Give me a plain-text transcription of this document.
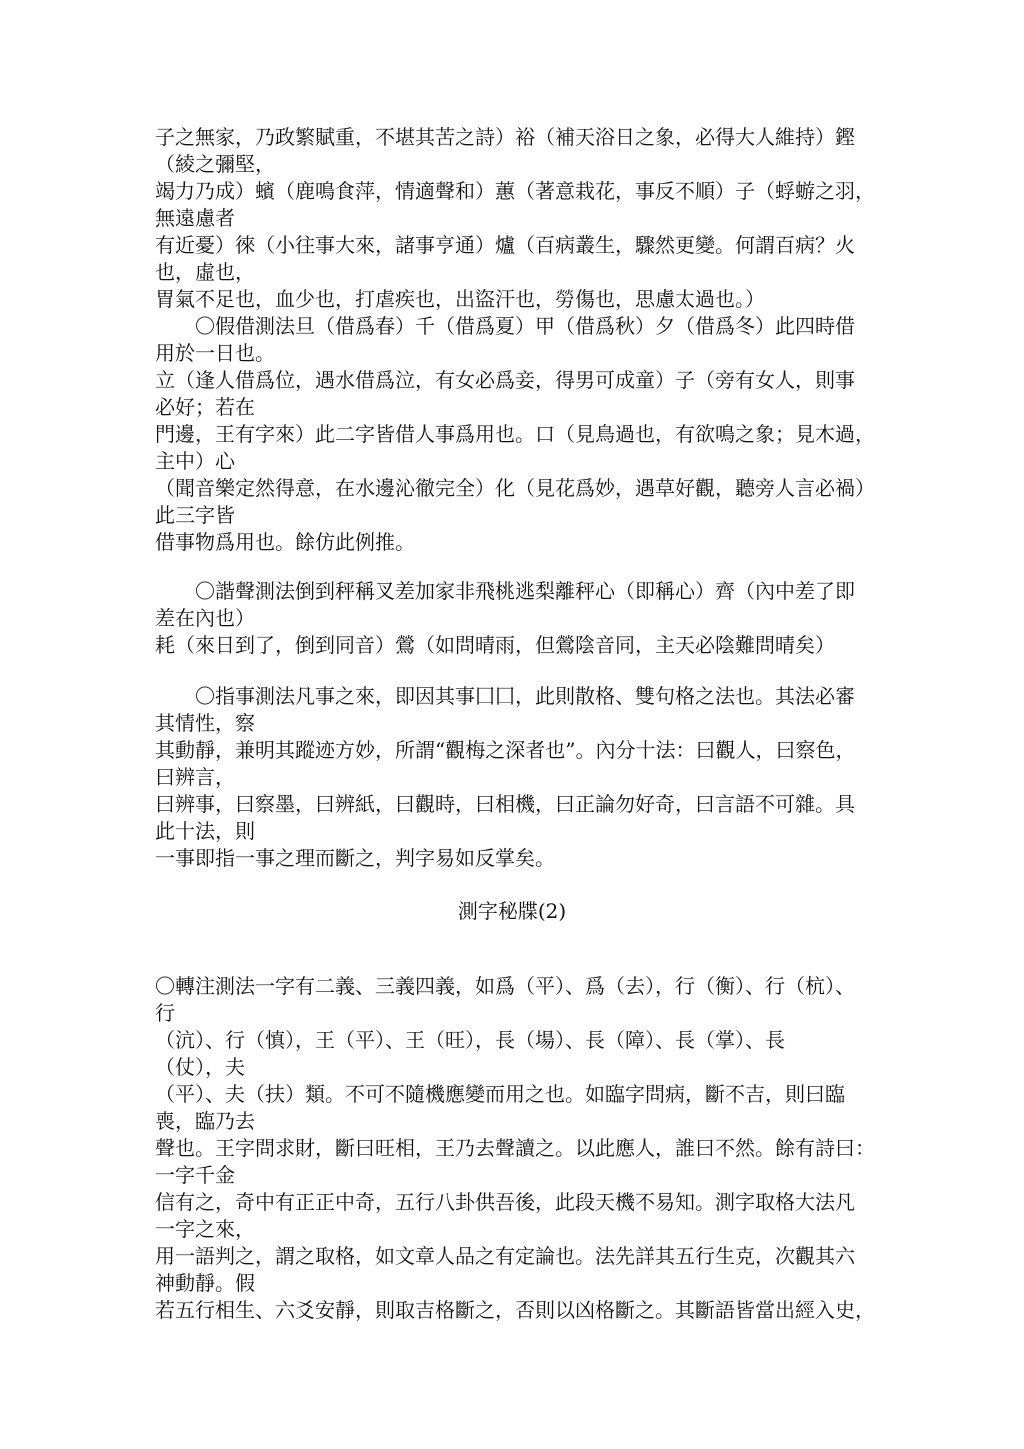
子之無家，乃政繁賦重，不堪其苦之詩）裕（補天浴日之象，必得大人維持）鏗
（綾之彌堅，
竭力乃成）蠙（鹿鳴食萍，情適聲和）蕙（著意栽花，事反不順）子（蜉蝣之羽，
無遠慮者
有近憂）徠（小往事大來，諸事亨通）爐（百病叢生，驟然更變。何謂百病？火
也，虛也，
胃氣不足也，血少也，打虐疾也，出盜汗也，勞傷也，思慮太過也。）
〇假借測法旦（借爲春）千（借爲夏）甲（借爲秋）夕（借爲冬）此四時借
用於一日也。
立（逢人借爲位，遇水借爲泣，有女必爲妾，得男可成童）子（旁有女人，則事
必好；若在
門邊，王有字來）此二字皆借人事爲用也。口（見鳥過也，有欲鳴之象；見木過，
主中）心
（聞音樂定然得意，在水邊沁徹完全）化（見花爲妙，遇草好觀，聽旁人言必禍）
此三字皆
借事物爲用也。餘仿此例推。
〇諧聲測法倒到秤稱叉差加家非飛桃逃梨離秤心（即稱心）齊（內中差了即
差在內也）
耗（來日到了，倒到同音）鶯（如問晴雨，但鶯陰音同，主天必陰難問晴矣）
〇指事測法凡事之來，即因其事囗囗，此則散格、雙句格之法也。其法必審
其情性，察
其動靜，兼明其蹤迹方妙，所謂“觀梅之深者也”。內分十法：曰觀人，曰察色，
曰辨言，
曰辨事，曰察墨，曰辨紙，曰觀時，曰相機，曰正論勿好奇，曰言語不可雜。具
此十法，則
一事即指一事之理而斷之，判字易如反掌矣。
測字秘牒(2)
〇轉注測法一字有二義、三義四義，如爲（平）、爲（去），行（衡）、行（杭）、
行
（沆）、行（慎），王（平）、王（旺），長（場）、長（障）、長（掌）、長
（仗），夫
（平）、夫（扶）類。不可不隨機應變而用之也。如臨字問病，斷不吉，則曰臨
喪，臨乃去
聲也。王字問求財，斷曰旺相，王乃去聲讀之。以此應人，誰曰不然。餘有詩曰：
一字千金
信有之，奇中有正正中奇，五行八卦供吾後，此段天機不易知。測字取格大法凡
一字之來，
用一語判之，謂之取格，如文章人品之有定論也。法先詳其五行生克，次觀其六
神動靜。假
若五行相生、六爻安靜，則取吉格斷之，否則以凶格斷之。其斷語皆當出經入史，
